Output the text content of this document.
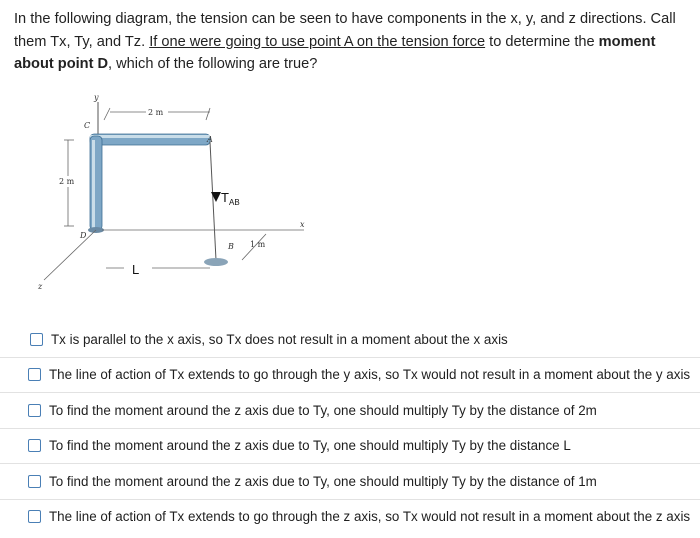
In the following diagram, the tension can be seen to have components in the x, y, and z directions. Call them Tx, Ty, and Tz. If one were going to use point A on the tension force to determine the moment about point D, which of the following are true?
y
2 m
C
A
2 m
T AB
D
x
z
B 1 m
L
Tx is parallel to the x axis, so Tx does not result in a moment about the x axis
The line of action of Tx extends to go through the y axis, so Tx would not result in a moment about the y axis
To find the moment around the z axis due to Ty, one should multiply Ty by the distance of 2m
To find the moment around the z axis due to Ty, one should multiply Ty by the distance L
To find the moment around the z axis due to Ty, one should multiply Ty by the distance of 1m
The line of action of Tx extends to go through the z axis, so Tx would not result in a moment about the z axis
